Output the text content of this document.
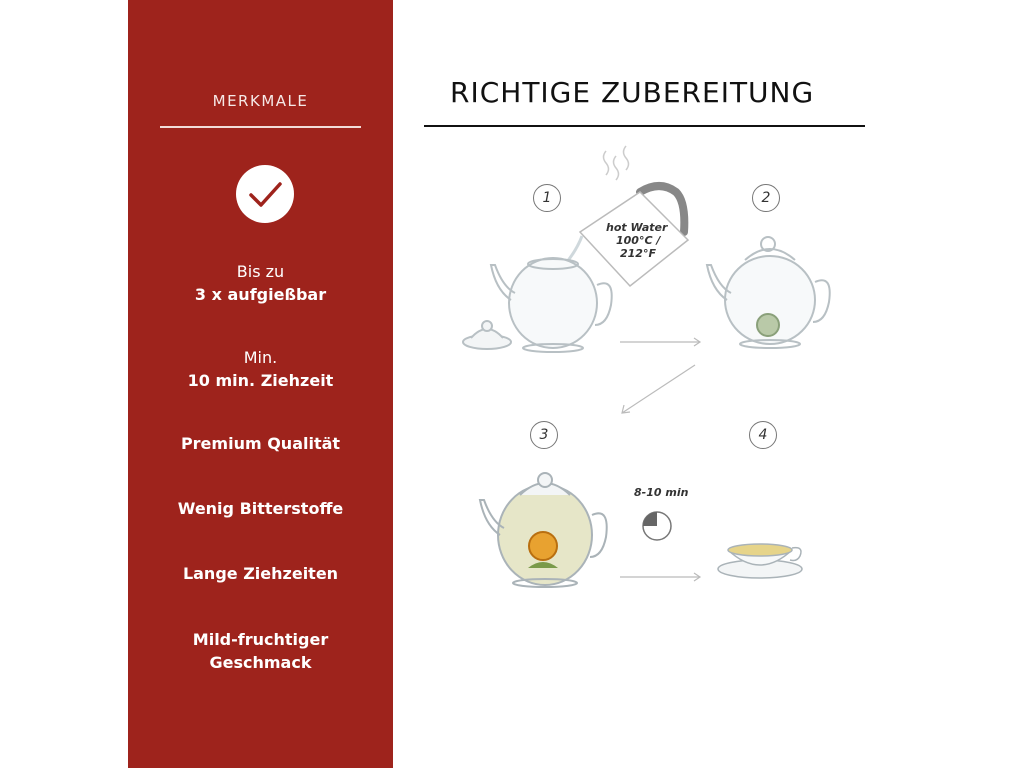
MERKMALE
Bis zu
3 x aufgießbar
Min.
10 min. Ziehzeit
Premium Qualität
Wenig Bitterstoffe
Lange Ziehzeiten
Mild-fruchtiger
Geschmack
RICHTIGE ZUBEREITUNG
1	2
3	4
hot Water
100°C /
212°F
8-10 min
